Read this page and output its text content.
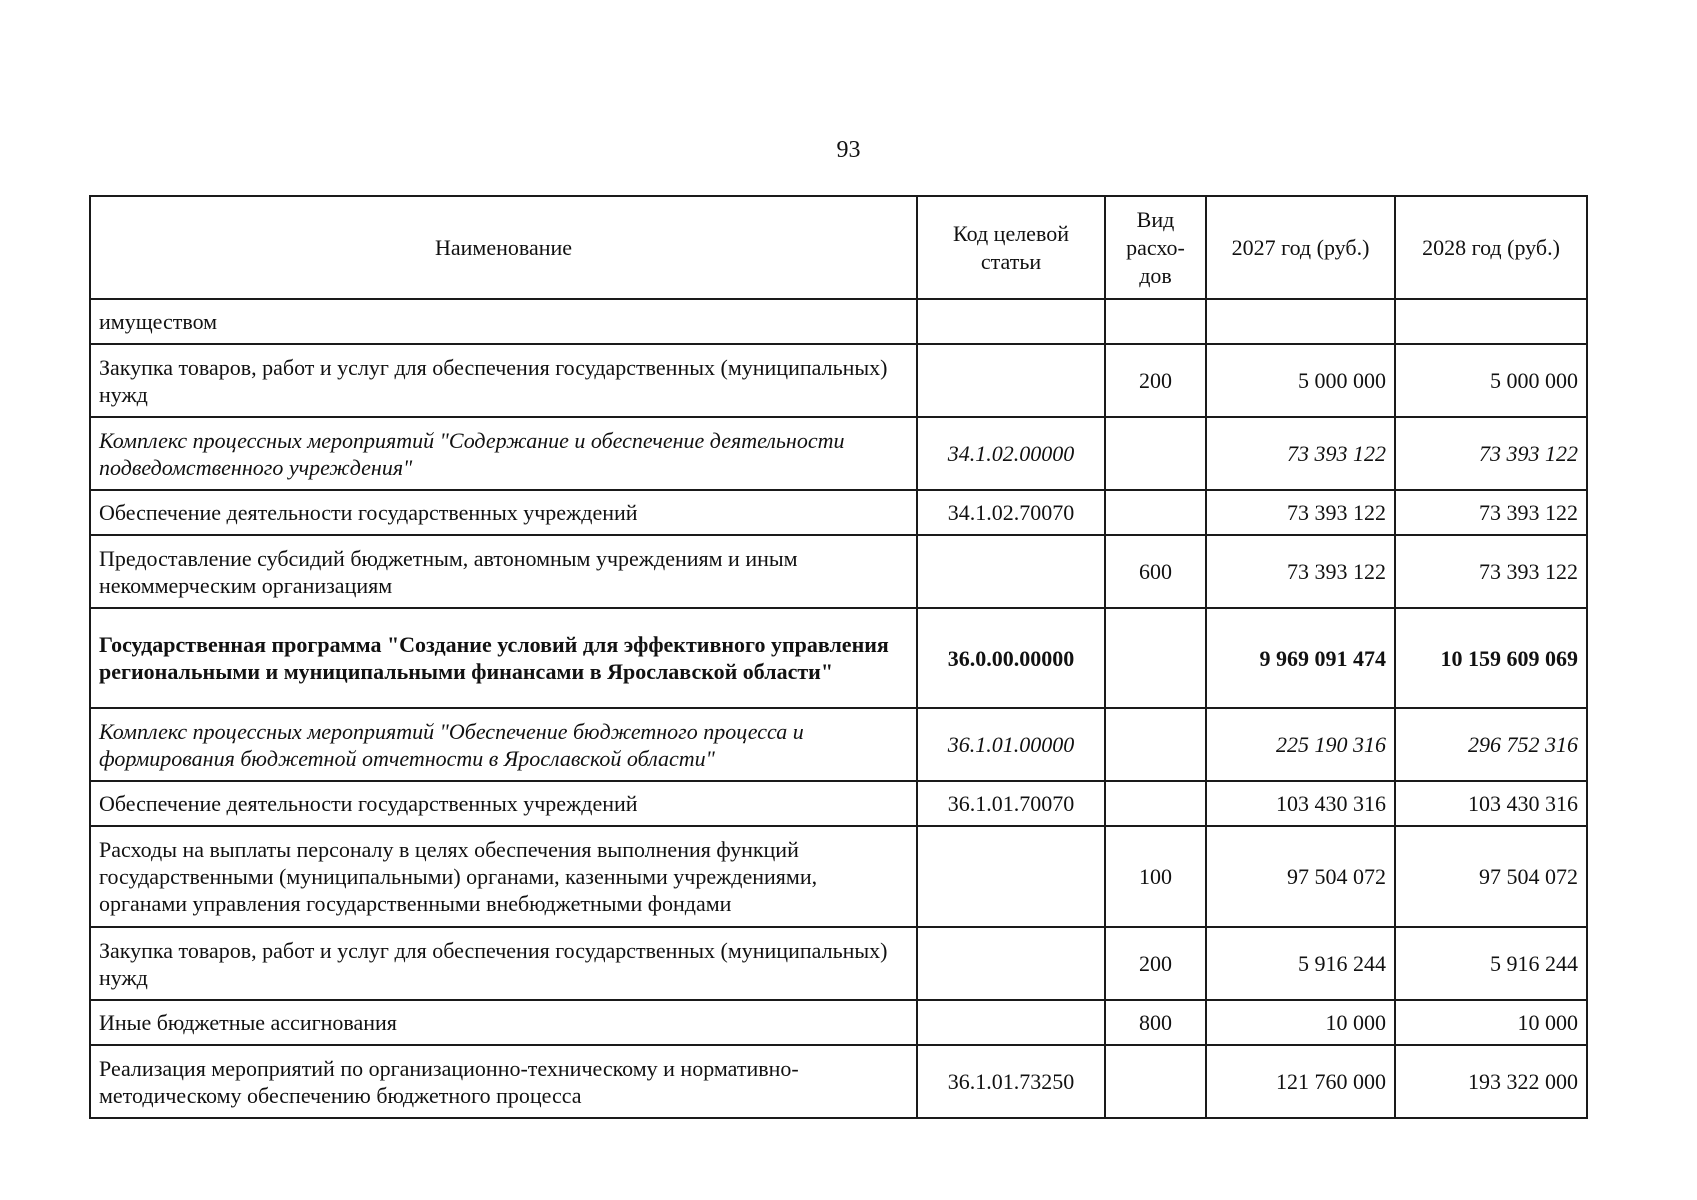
93
Наименование	Код целевой статьи	Вид расхо-дов	2027 год (руб.)	2028 год (руб.)
имуществом				
Закупка товаров, работ и услуг для обеспечения государственных (муниципальных) нужд		200	5 000 000	5 000 000
Комплекс процессных мероприятий "Содержание и обеспечение деятельности подведомственного учреждения"	34.1.02.00000		73 393 122	73 393 122
Обеспечение деятельности государственных учреждений	34.1.02.70070		73 393 122	73 393 122
Предоставление субсидий бюджетным, автономным учреждениям и иным некоммерческим организациям		600	73 393 122	73 393 122
Государственная программа "Создание условий для эффективного управления региональными и муниципальными финансами в Ярославской области"	36.0.00.00000		9 969 091 474	10 159 609 069
Комплекс процессных мероприятий "Обеспечение бюджетного процесса и формирования бюджетной отчетности в Ярославской области"	36.1.01.00000		225 190 316	296 752 316
Обеспечение деятельности государственных учреждений	36.1.01.70070		103 430 316	103 430 316
Расходы на выплаты персоналу в целях обеспечения выполнения функций государственными (муниципальными) органами, казенными учреждениями, органами управления государственными внебюджетными фондами		100	97 504 072	97 504 072
Закупка товаров, работ и услуг для обеспечения государственных (муниципальных) нужд		200	5 916 244	5 916 244
Иные бюджетные ассигнования		800	10 000	10 000
Реализация мероприятий по организационно-техническому и нормативно-методическому обеспечению бюджетного процесса	36.1.01.73250		121 760 000	193 322 000
